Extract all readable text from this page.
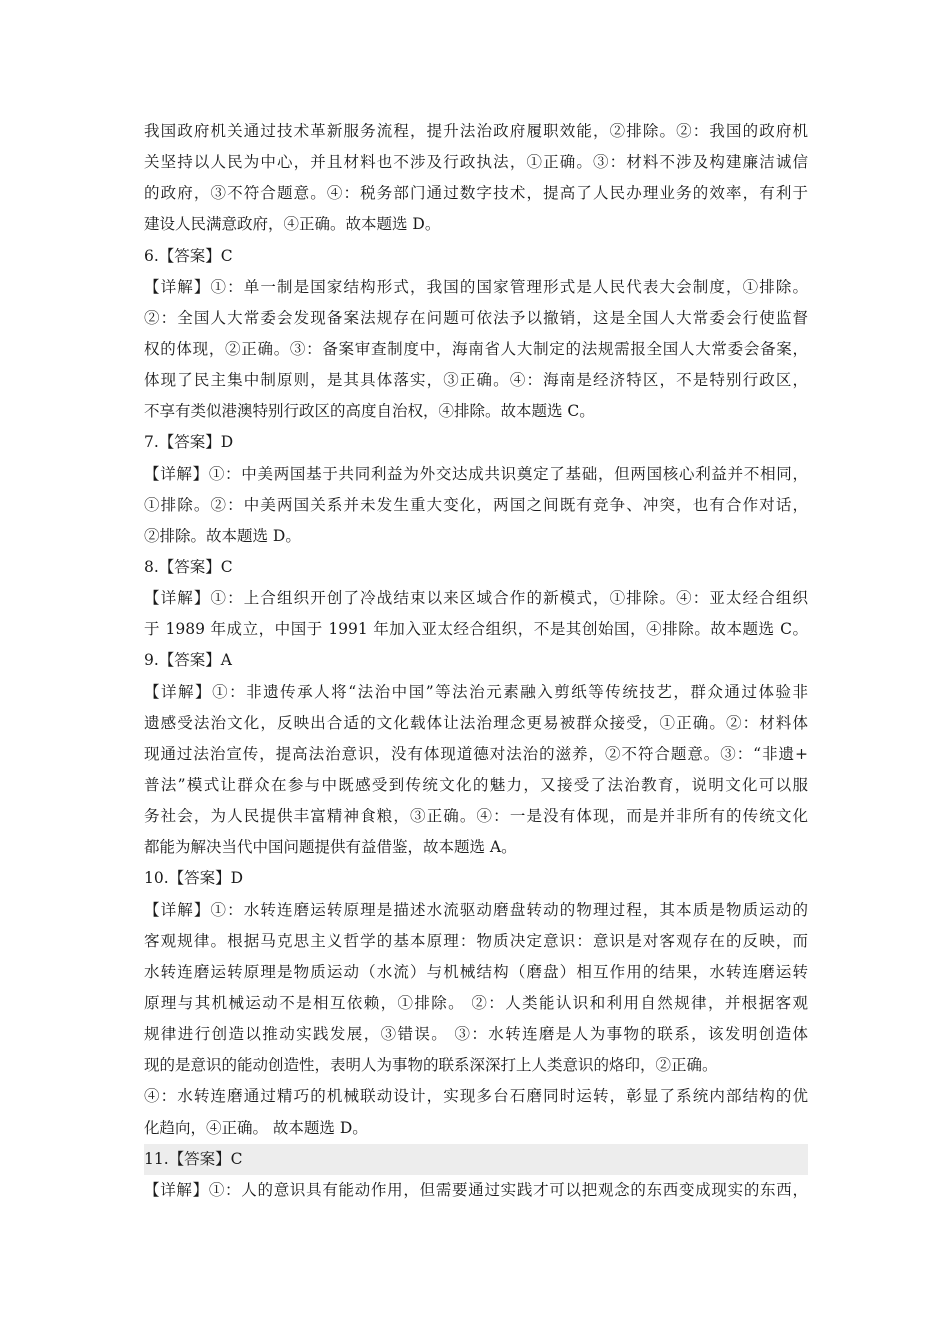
我国政府机关通过技术革新服务流程，提升法治政府履职效能，②排除。②：我国的政府机
关坚持以人民为中心，并且材料也不涉及行政执法，①正确。③：材料不涉及构建廉洁诚信
的政府，③不符合题意。④：税务部门通过数字技术，提高了人民办理业务的效率，有利于
建设人民满意政府，④正确。故本题选 D。
6.【答案】C
【详解】①：单一制是国家结构形式，我国的国家管理形式是人民代表大会制度，①排除。
②：全国人大常委会发现备案法规存在问题可依法予以撤销，这是全国人大常委会行使监督
权的体现，②正确。③：备案审查制度中，海南省人大制定的法规需报全国人大常委会备案，
体现了民主集中制原则，是其具体落实，③正确。④：海南是经济特区，不是特别行政区，
不享有类似港澳特别行政区的高度自治权，④排除。故本题选 C。
7.【答案】D
【详解】①：中美两国基于共同利益为外交达成共识奠定了基础，但两国核心利益并不相同，
①排除。②：中美两国关系并未发生重大变化，两国之间既有竞争、冲突，也有合作对话，
②排除。故本题选 D。
8.【答案】C
【详解】①：上合组织开创了冷战结束以来区域合作的新模式，①排除。④：亚太经合组织
于 1989 年成立，中国于 1991 年加入亚太经合组织，不是其创始国，④排除。故本题选 C。
9.【答案】A
【详解】①：非遗传承人将“法治中国”等法治元素融入剪纸等传统技艺，群众通过体验非
遗感受法治文化，反映出合适的文化载体让法治理念更易被群众接受，①正确。②：材料体
现通过法治宣传，提高法治意识，没有体现道德对法治的滋养，②不符合题意。③：“非遗+
普法”模式让群众在参与中既感受到传统文化的魅力，又接受了法治教育，说明文化可以服
务社会，为人民提供丰富精神食粮，③正确。④：一是没有体现，而是并非所有的传统文化
都能为解决当代中国问题提供有益借鉴，故本题选 A。
10.【答案】D
【详解】①：水转连磨运转原理是描述水流驱动磨盘转动的物理过程，其本质是物质运动的
客观规律。根据马克思主义哲学的基本原理：物质决定意识：意识是对客观存在的反映，而
水转连磨运转原理是物质运动（水流）与机械结构（磨盘）相互作用的结果，水转连磨运转
原理与其机械运动不是相互依赖，①排除。 ②：人类能认识和利用自然规律，并根据客观
规律进行创造以推动实践发展，③错误。 ③：水转连磨是人为事物的联系，该发明创造体
现的是意识的能动创造性，表明人为事物的联系深深打上人类意识的烙印，②正确。
④：水转连磨通过精巧的机械联动设计，实现多台石磨同时运转，彰显了系统内部结构的优
化趋向，④正确。 故本题选 D。
11.【答案】C
【详解】①：人的意识具有能动作用，但需要通过实践才可以把观念的东西变成现实的东西，
